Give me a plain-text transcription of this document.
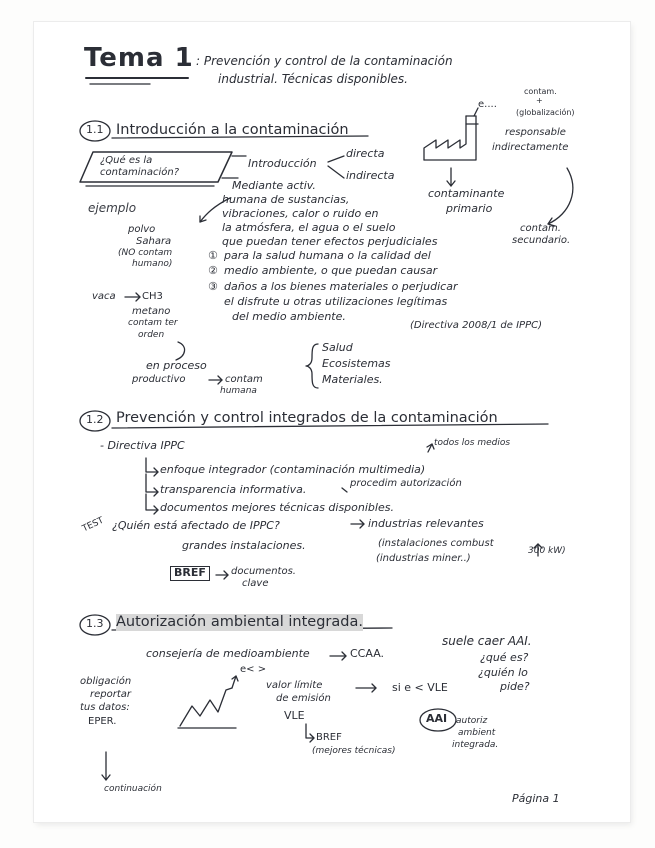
Tema 1 : Prevención y control de la contaminación
industrial. Técnicas disponibles.
e....
contam.
+
(globalización)
responsable
indirectamente
contaminante
primario
contam.
secundario.
1.1 Introducción a la contaminación
¿Qué es la
contaminación?
Introducción
directa
indirecta
ejemplo
polvo
Sahara
(NO contam
humano)
vaca	CH3
metano
contam ter
orden
en proceso
productivo	contam
humana
Mediante activ.
humana de sustancias,
vibraciones, calor o ruido en
la atmósfera, el agua o el suelo
que puedan tener efectos perjudiciales
① para la salud humana o la calidad del
② medio ambiente, o que puedan causar
③ daños a los bienes materiales o perjudicar
el disfrute u otras utilizaciones legítimas
del medio ambiente.
(Directiva 2008/1 de IPPC)
Salud
Ecosistemas
Materiales.
1.2 Prevención y control integrados de la contaminación
- Directiva IPPC	todos los medios
enfoque integrador (contaminación multimedia)
procedim autorización
transparencia informativa.
documentos mejores técnicas disponibles.
TEST ¿Quién está afectado de IPPC?	industrias relevantes
grandes instalaciones.	(instalaciones combust
300 kW)
(industrias miner..)
BREF	documentos.
clave
1.3 Autorización ambiental integrada.
suele caer AAI.
consejería de medioambiente	CCAA.	¿qué es?
¿quién lo
pide?
obligación
reportar
tus datos:
EPER.
e< >
valor límite
de emisión
si e < VLE
VLE
BREF
(mejores técnicas)
AAI autoriz
ambient
integrada.
continuación
Página 1
